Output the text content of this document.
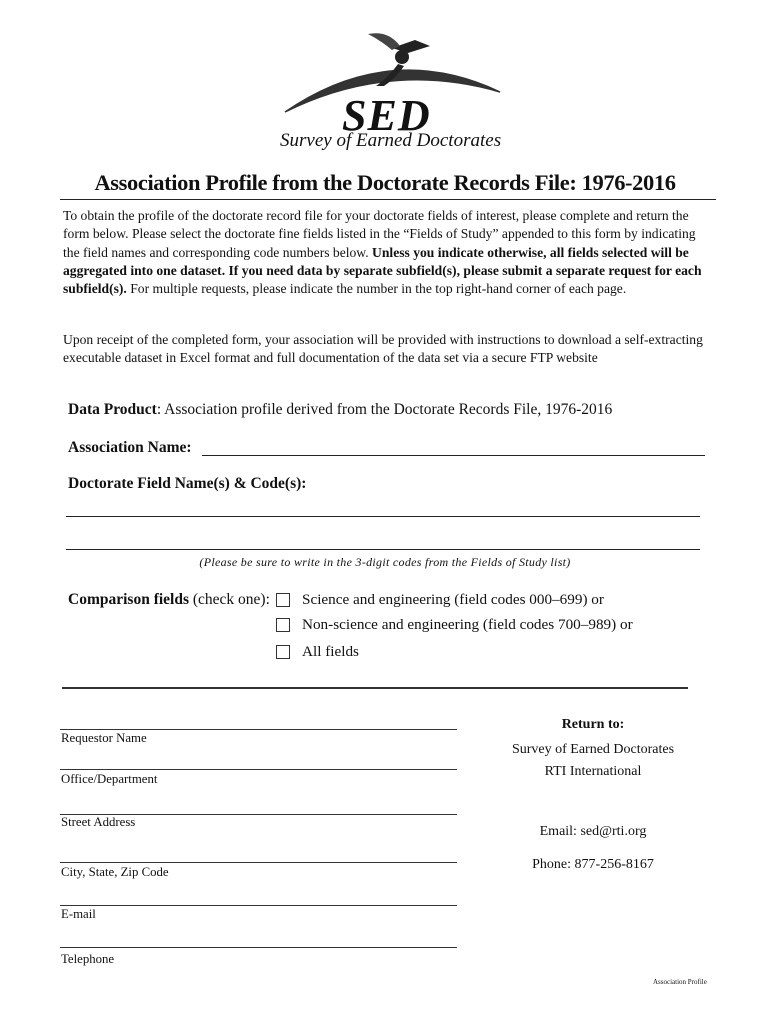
SED
Survey of Earned Doctorates
Association Profile from the Doctorate Records File: 1976-2016
To obtain the profile of the doctorate record file for your doctorate fields of interest, please complete and return the form below. Please select the doctorate fine fields listed in the “Fields of Study” appended to this form by indicating the field names and corresponding code numbers below. Unless you indicate otherwise, all fields selected will be aggregated into one dataset. If you need data by separate subfield(s), please submit a separate request for each subfield(s). For multiple requests, please indicate the number in the top right-hand corner of each page.
Upon receipt of the completed form, your association will be provided with instructions to download a self-extracting executable dataset in Excel format and full documentation of the data set via a secure FTP website
Data Product: Association profile derived from the Doctorate Records File, 1976-2016
Association Name:
Doctorate Field Name(s) & Code(s):
(Please be sure to write in the 3-digit codes from the Fields of Study list)
Comparison fields (check one): Science and engineering (field codes 000–699) or
Non-science and engineering (field codes 700–989) or
All fields
Requestor Name
Office/Department
Street Address
City, State, Zip Code
E-mail
Telephone
Return to:
Survey of Earned Doctorates
RTI International
Email: sed@rti.org
Phone: 877-256-8167
Association Profile
